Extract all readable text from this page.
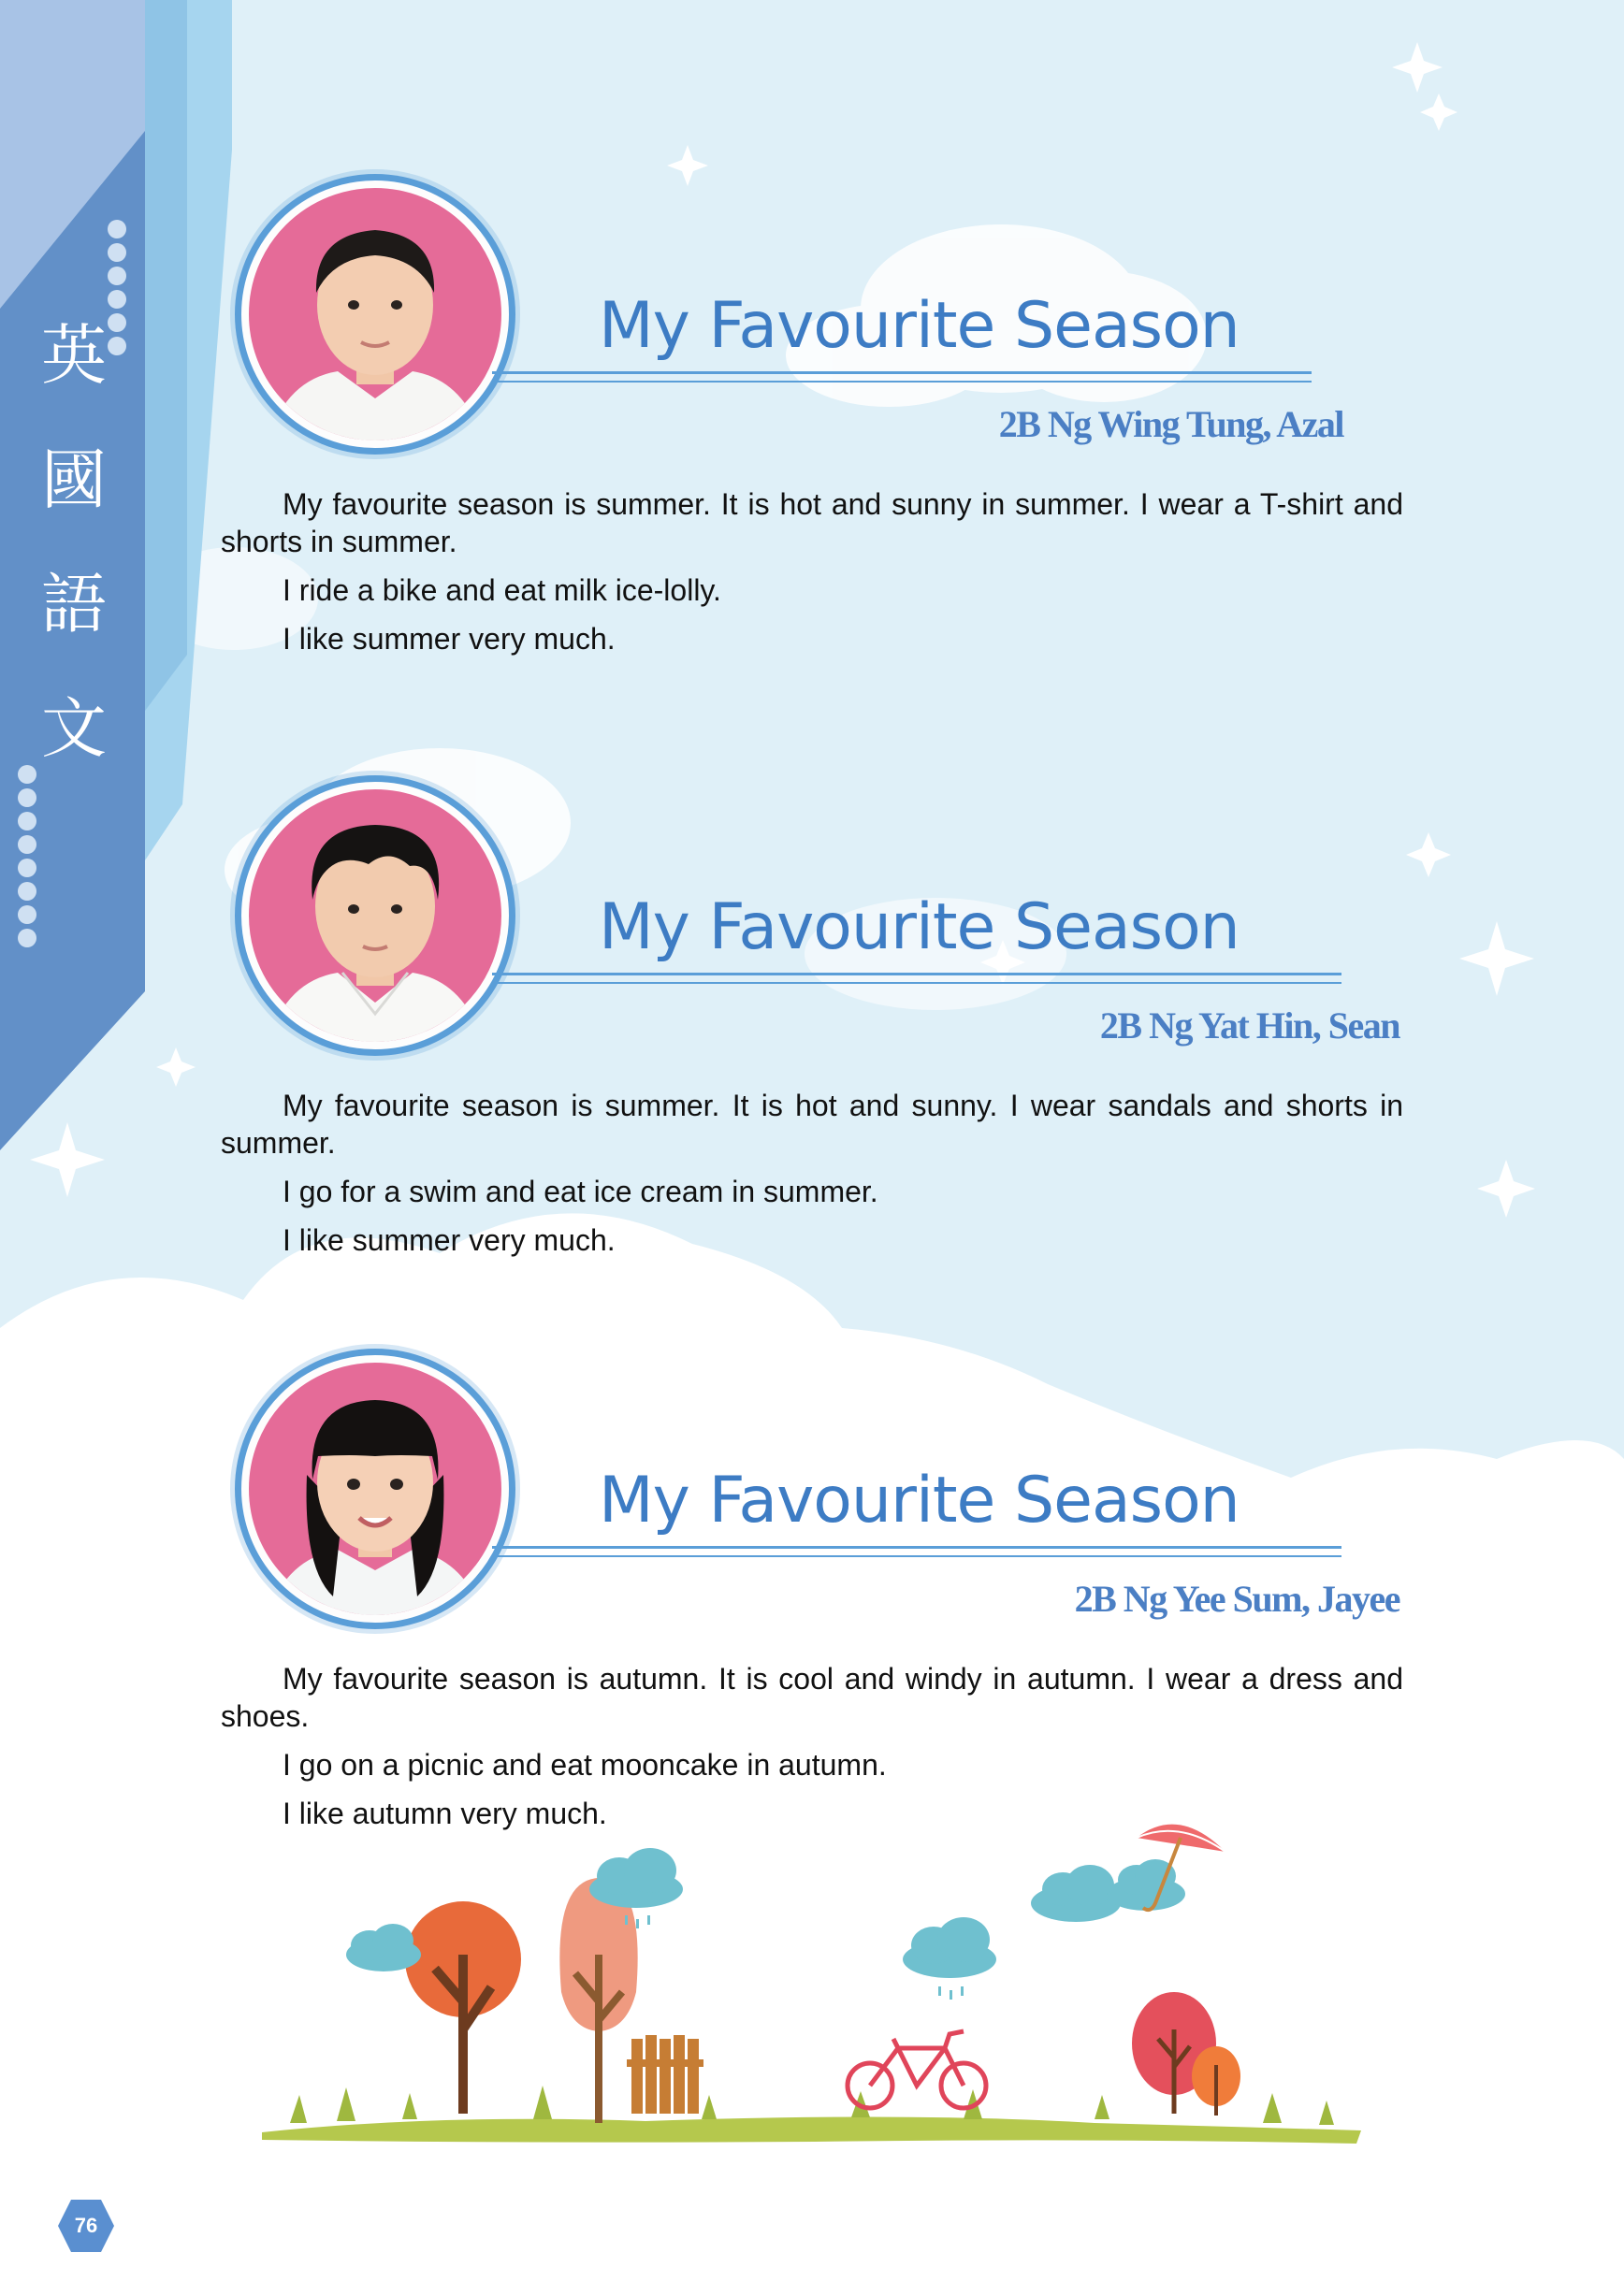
英
國
語
文
My Favourite Season

2B Ng Wing Tung, Azal

My favourite season is summer. It is hot and sunny in summer. I wear a T-shirt and shorts in summer.

I ride a bike and eat milk ice-lolly.

I like summer very much.

My Favourite Season

2B Ng Yat Hin, Sean

My favourite season is summer. It is hot and sunny. I wear sandals and shorts in summer.

I go for a swim and eat ice cream in summer.

I like summer very much.

My Favourite Season

2B Ng Yee Sum, Jayee

My favourite season is autumn. It is cool and windy in autumn. I wear a dress and shoes.

I go on a picnic and eat mooncake in autumn.

I like autumn very much.

76
